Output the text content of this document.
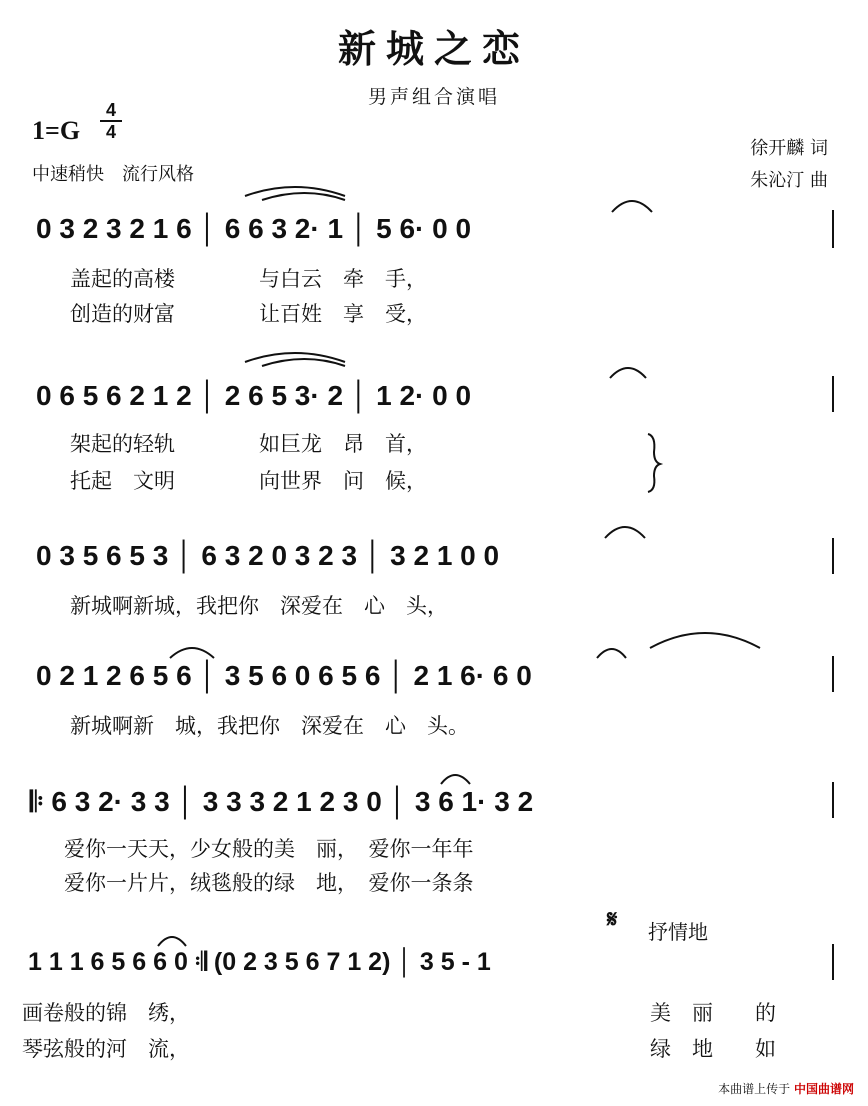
新城之恋
男声组合演唱
$1=G \frac{4}{4}$
中速稍快　流行风格
徐开麟 词
朱沁汀 曲
0 3 2 3 2 1 6 │ 6 6 3 2· 1 │ 5 6· 0 0
盖起的高楼　　　　与白云　牵　手，
创造的财富　　　　让百姓　享　受，
0 6 5 6 2 1 2 │ 2 6 5 3· 2 │ 1 2· 0 0
架起的轻轨　　　　如巨龙　昂　首，
托起　文明　　　　向世界　问　候，
0 3 5 6 5 3 │ 6 3 2 0 3 2 3 │ 3 2 1 0 0
新城啊新城，我把你　深爱在　心　头，
0 2 1 2 6 5 6 │ 3 5 6 0 6 5 6 │ 2 1 6· 6 0
新城啊新　城，我把你　深爱在　心　头。
𝄆 6 3 2· 3 3 │ 3 3 3 2 1 2 3 0 │ 3 6 1· 3 2
爱你一天天，少女般的美　丽，　爱你一年年
爱你一片片，绒毯般的绿　地，　爱你一条条
𝄋 抒情地
1 1 1 6 5 6 6 0 𝄇 (0 2 3 5 6 7 1 2) │ 3 5 - 1
画卷般的锦　绣，
琴弦般的河　流，
美　丽　　的
绿　地　　如
本曲谱上传于 中国曲谱网
